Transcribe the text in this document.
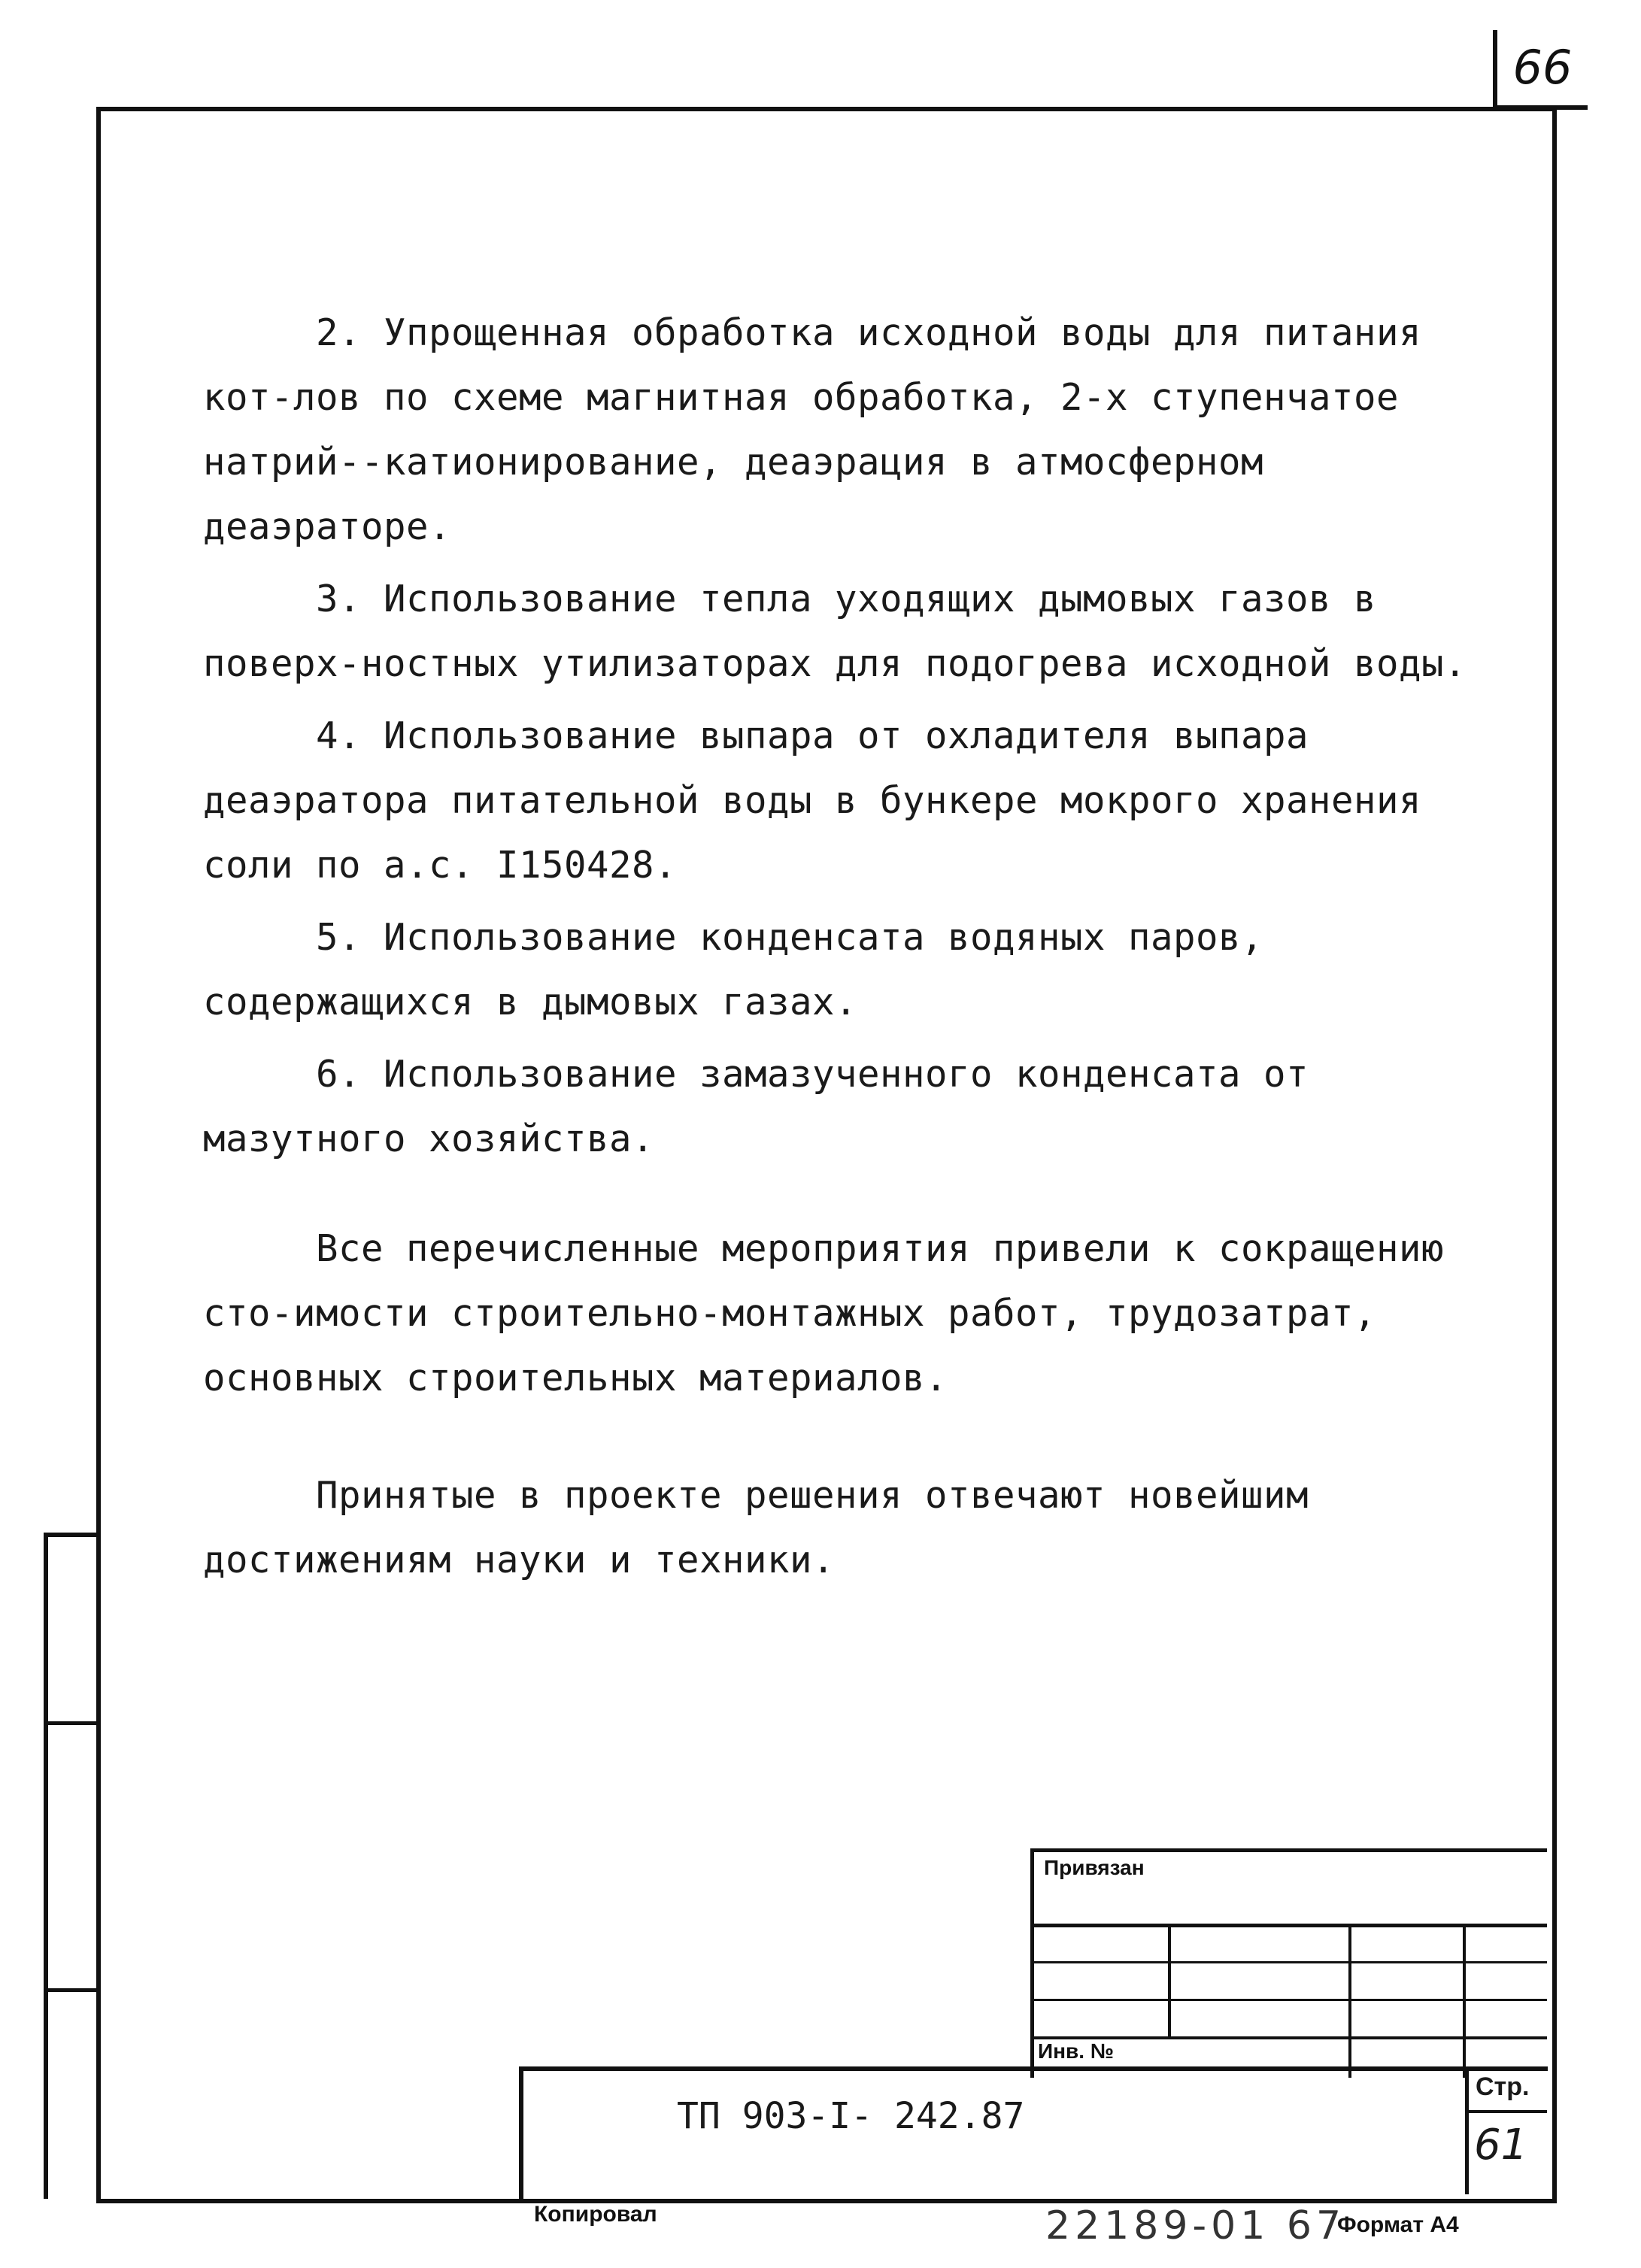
66

2. Упрощенная обработка исходной воды для питания кот-лов по схеме магнитная обработка, 2-х ступенчатое натрий--катионирование, деаэрация в атмосферном деаэраторе.

3. Использование тепла уходящих дымовых газов в поверх-ностных утилизаторах для подогрева исходной воды.

4. Использование выпара от охладителя выпара деаэратора питательной воды в бункере мокрого хранения соли по а.с. I150428.

5. Использование конденсата водяных паров, содержащихся в дымовых газах.

6. Использование замазученного конденсата от мазутного хозяйства.

Все перечисленные мероприятия привели к сокращению сто-имости строительно-монтажных работ, трудозатрат, основных строительных материалов.

Принятые в проекте решения отвечают новейшим достижениям науки и техники.

Привязан
Инв. №
ТП 903-I- 242.87
Стр.
61
Копировал	22189-01 67
Формат А4
